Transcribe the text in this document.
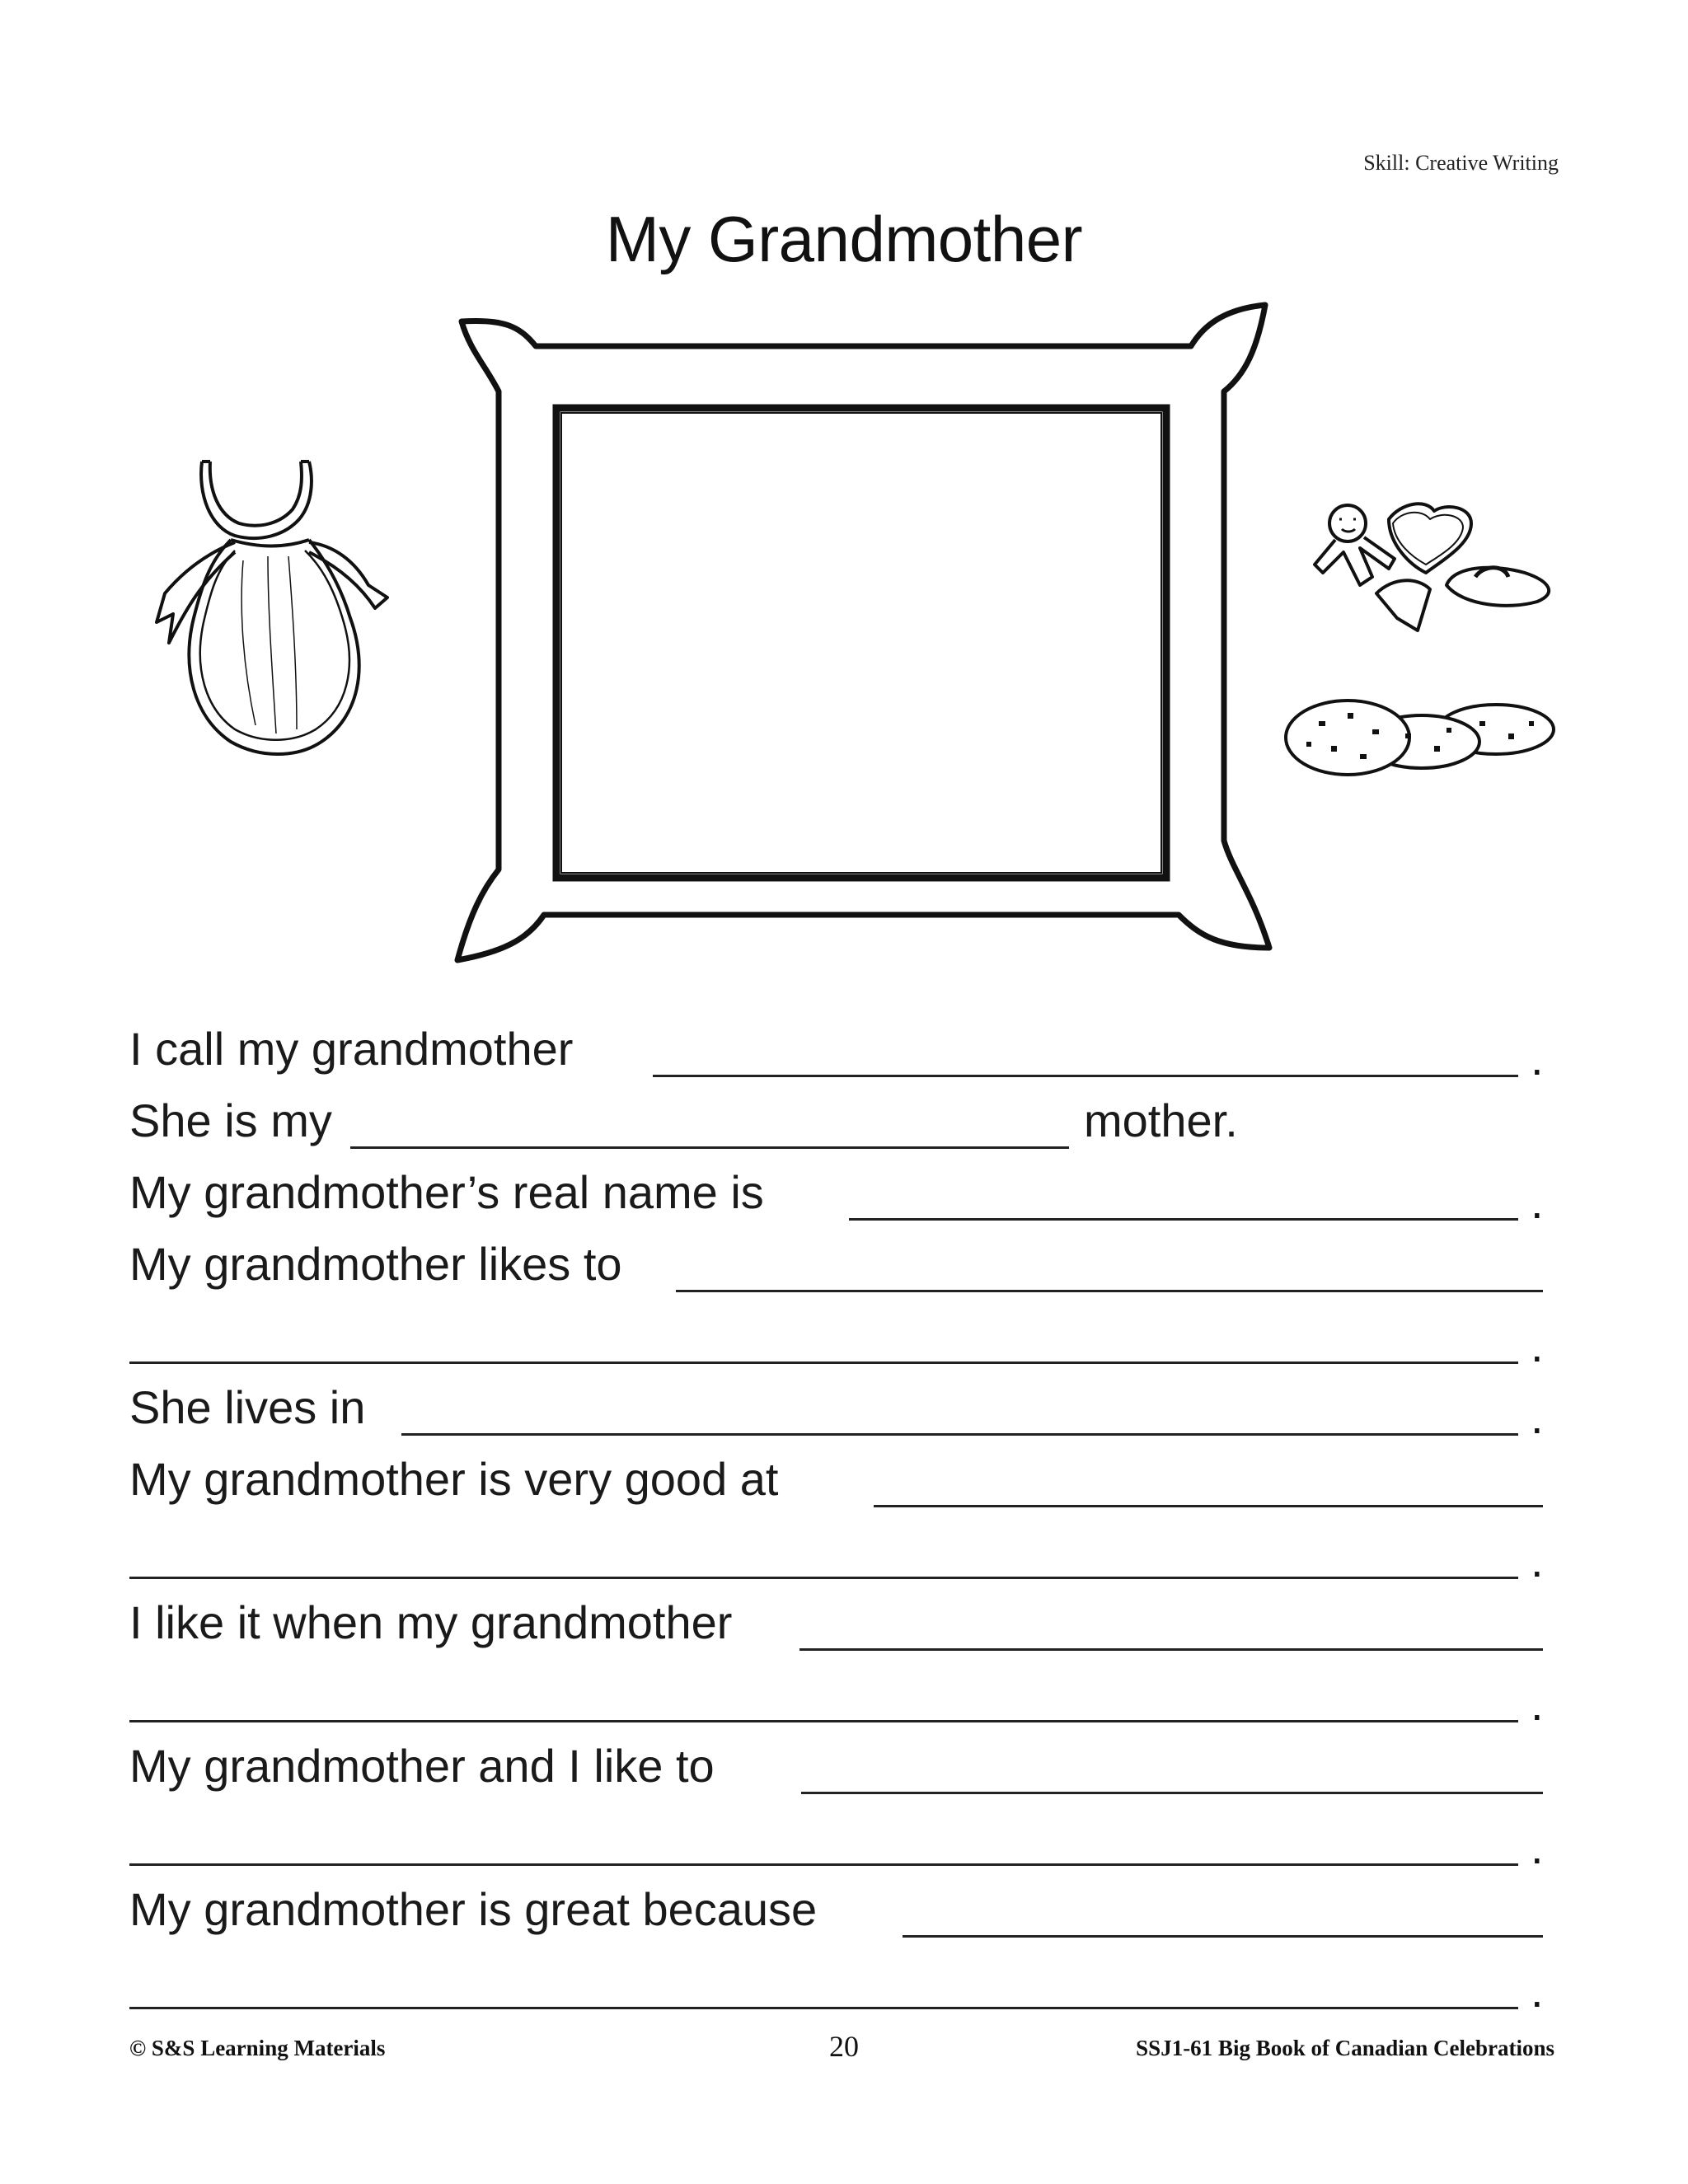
Skill: Creative Writing
My Grandmother
I call my grandmother	.
She is my	mother.
My grandmother’s real name is	.
My grandmother likes to
.
She lives in	.
My grandmother is very good at
.
I like it when my grandmother
.
My grandmother and I like to
.
My grandmother is great because
.
© S&S Learning Materials	20	SSJ1-61 Big Book of Canadian Celebrations
